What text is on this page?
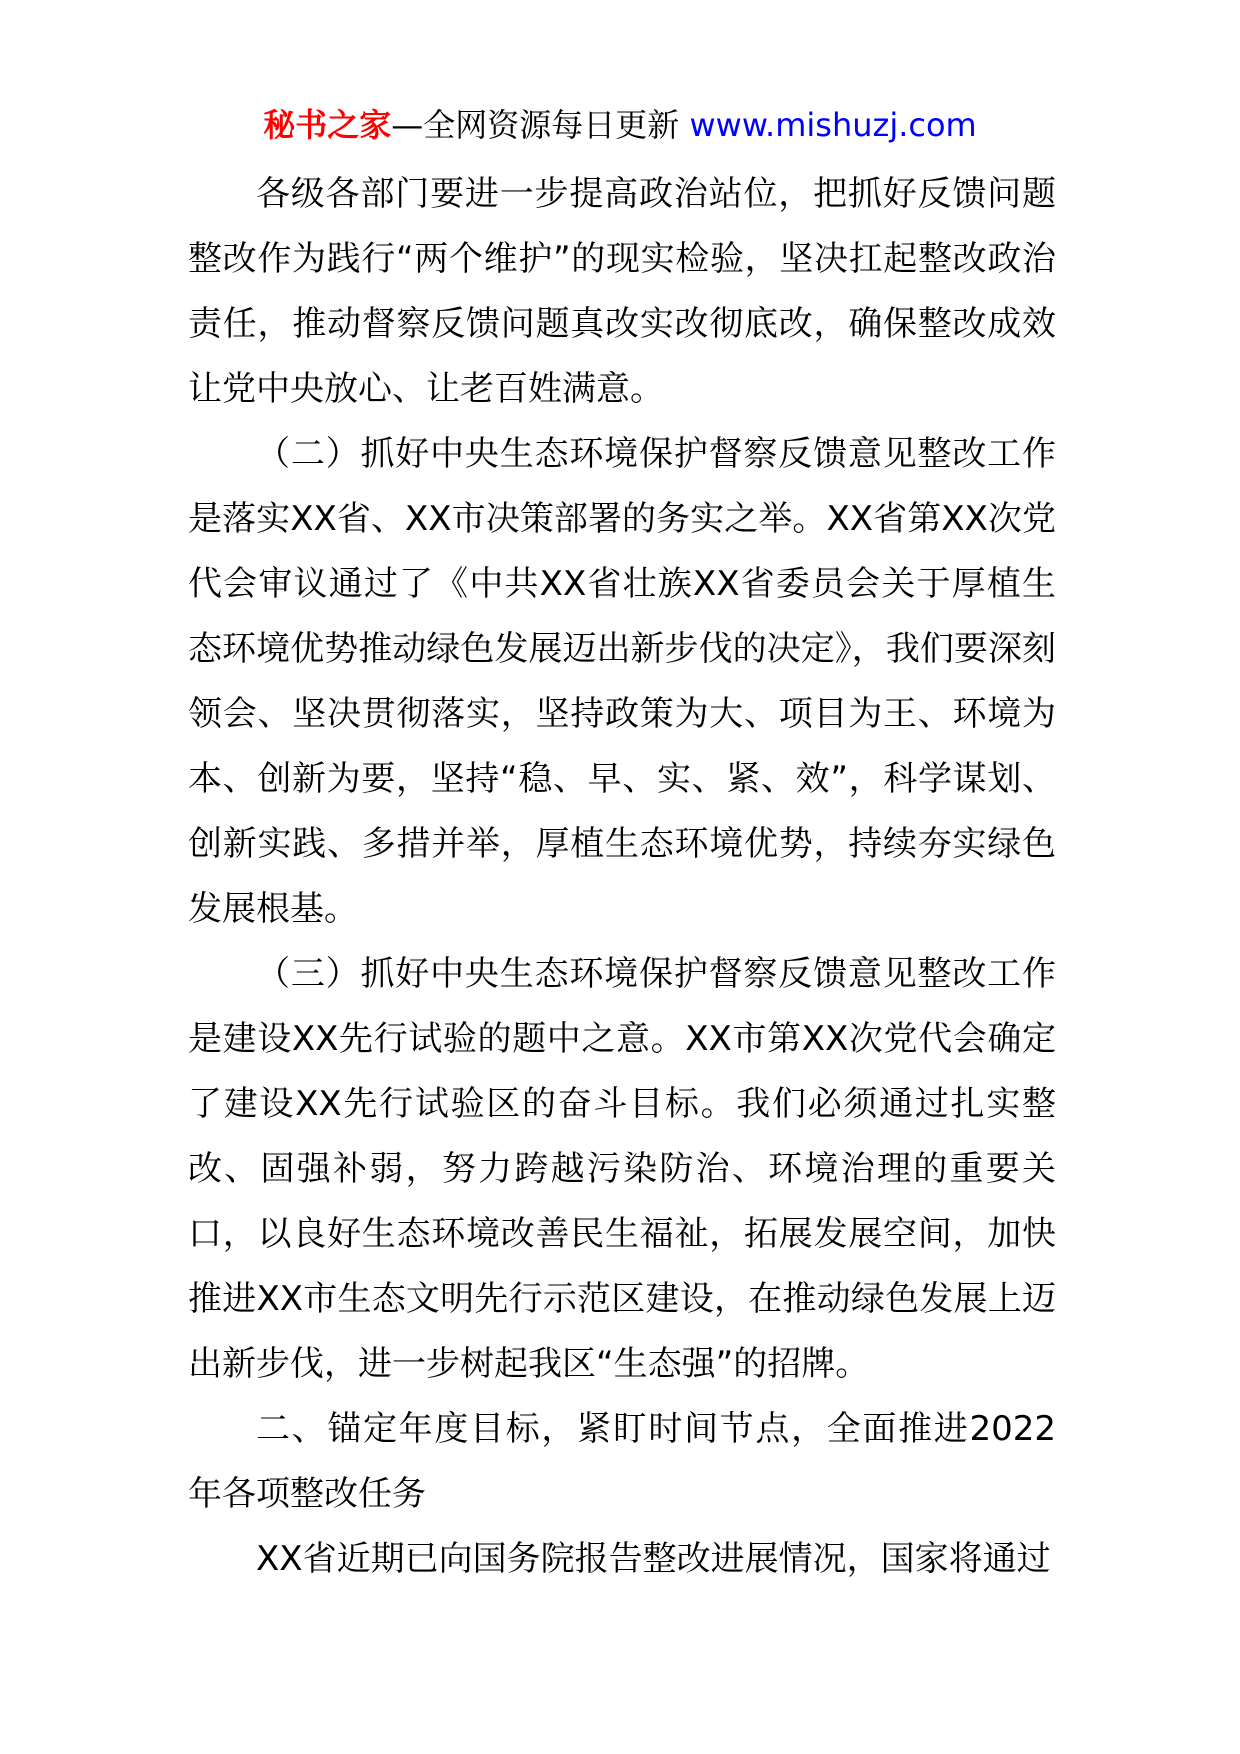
秘书之家—全网资源每日更新 www.mishuzj.com

各级各部门要进一步提高政治站位，把抓好反馈问题整改作为践行“两个维护”的现实检验，坚决扛起整改政治责任，推动督察反馈问题真改实改彻底改，确保整改成效让党中央放心、让老百姓满意。

（二）抓好中央生态环境保护督察反馈意见整改工作是落实XX省、XX市决策部署的务实之举。XX省第XX次党代会审议通过了《中共XX省壮族XX省委员会关于厚植生态环境优势推动绿色发展迈出新步伐的决定》，我们要深刻领会、坚决贯彻落实，坚持政策为大、项目为王、环境为本、创新为要，坚持“稳、早、实、紧、效”，科学谋划、创新实践、多措并举，厚植生态环境优势，持续夯实绿色发展根基。

（三）抓好中央生态环境保护督察反馈意见整改工作是建设XX先行试验的题中之意。XX市第XX次党代会确定了建设XX先行试验区的奋斗目标。我们必须通过扎实整改、固强补弱，努力跨越污染防治、环境治理的重要关口，以良好生态环境改善民生福祉，拓展发展空间，加快推进XX市生态文明先行示范区建设，在推动绿色发展上迈出新步伐，进一步树起我区“生态强”的招牌。

二、锚定年度目标，紧盯时间节点，全面推进2022年各项整改任务

XX省近期已向国务院报告整改进展情况，国家将通过
